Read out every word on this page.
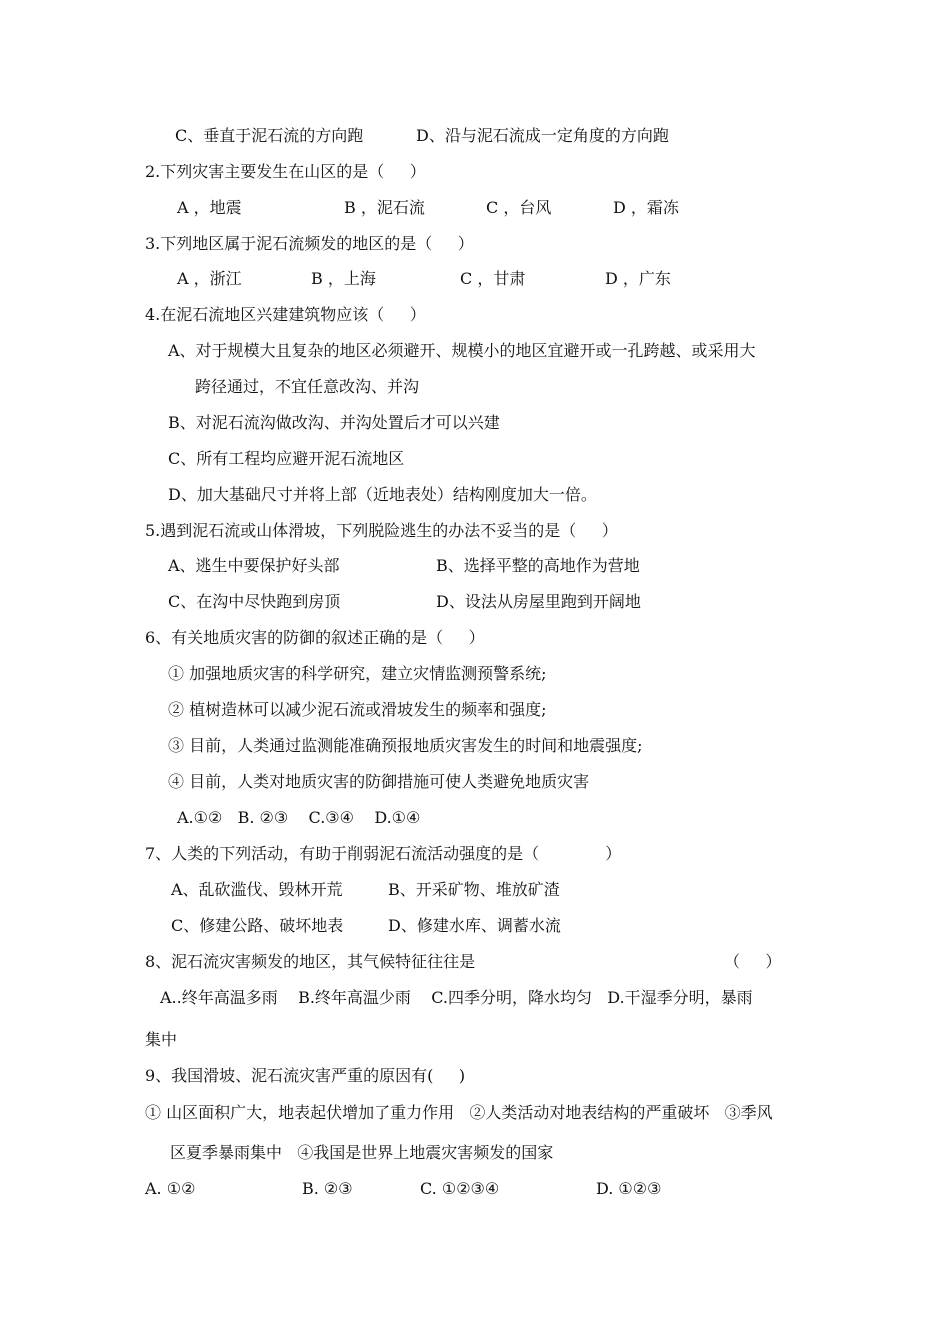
C、垂直于泥石流的方向跑	D、沿与泥石流成一定角度的方向跑
2.下列灾害主要发生在山区的是（     ）
A ，地震	B ，泥石流	C ，台风	D ，霜冻
3.下列地区属于泥石流频发的地区的是（     ）
A ，浙江	B ，上海	C ，甘肃	D ，广东
4.在泥石流地区兴建建筑物应该（     ）
A、对于规模大且复杂的地区必须避开、规模小的地区宜避开或一孔跨越、或采用大
跨径通过，不宜任意改沟、并沟
B、对泥石流沟做改沟、并沟处置后才可以兴建
C、所有工程均应避开泥石流地区
D、加大基础尺寸并将上部（近地表处）结构刚度加大一倍。
5.遇到泥石流或山体滑坡，下列脱险逃生的办法不妥当的是（     ）
A、逃生中要保护好头部	B、选择平整的高地作为营地
C、在沟中尽快跑到房顶	D、设法从房屋里跑到开阔地
6、有关地质灾害的防御的叙述正确的是（     ）
① 加强地质灾害的科学研究，建立灾情监测预警系统;
② 植树造林可以减少泥石流或滑坡发生的频率和强度;
③ 目前，人类通过监测能准确预报地质灾害发生的时间和地震强度;
④ 目前，人类对地质灾害的防御措施可使人类避免地质灾害
A.①②   B. ②③    C.③④    D.①④
7、人类的下列活动，有助于削弱泥石流活动强度的是（             ）
A、乱砍滥伐、毁林开荒	B、开采矿物、堆放矿渣
C、修建公路、破坏地表	D、修建水库、调蓄水流
8、泥石流灾害频发的地区，其气候特征往往是	（     ）
A..终年高温多雨    B.终年高温少雨    C.四季分明，降水均匀   D.干湿季分明，暴雨
集中
9、我国滑坡、泥石流灾害严重的原因有(     )
① 山区面积广大，地表起伏增加了重力作用   ②人类活动对地表结构的严重破坏   ③季风
区夏季暴雨集中   ④我国是世界上地震灾害频发的国家
A. ①②	B. ②③	C. ①②③④	D. ①②③
